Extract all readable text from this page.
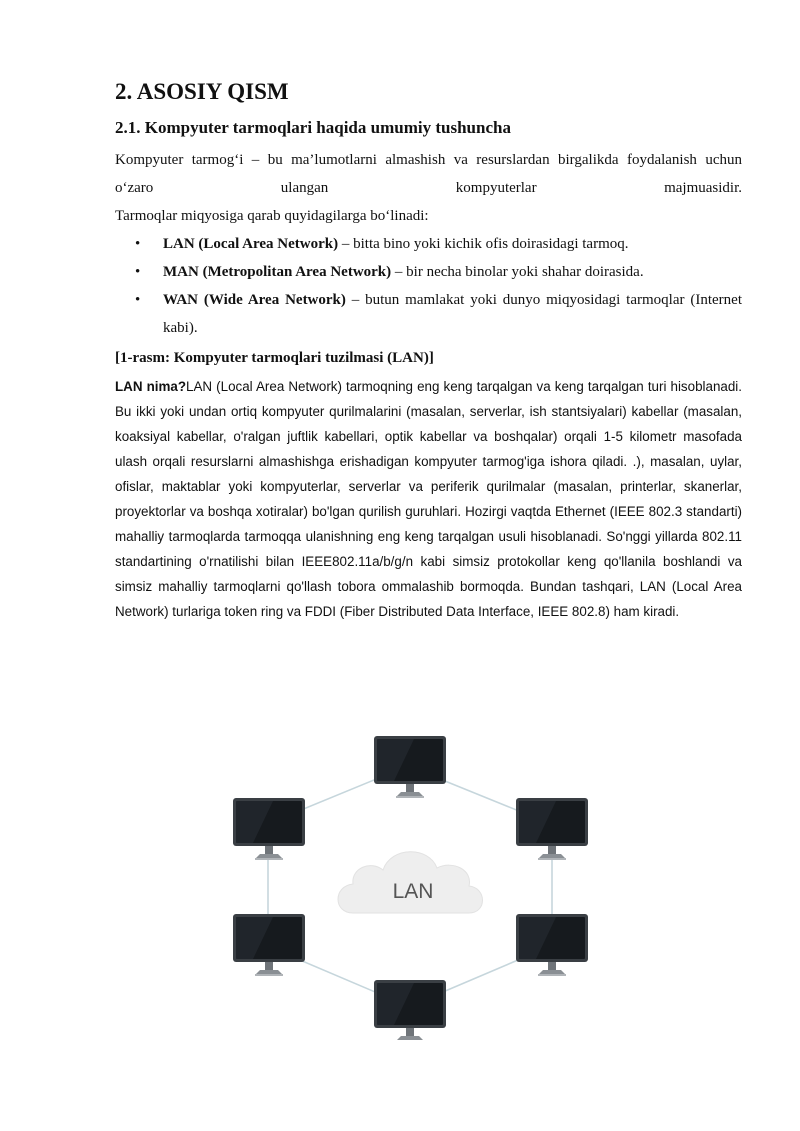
2. ASOSIY QISM
2.1. Kompyuter tarmoqlari haqida umumiy tushuncha

Kompyuter tarmog‘i – bu ma’lumotlarni almashish va resurslardan birgalikda foydalanish uchun

o‘zaro ulangan kompyuterlar majmuasidir.

Tarmoqlar miqyosiga qarab quyidagilarga bo‘linadi:

• LAN (Local Area Network) – bitta bino yoki kichik ofis doirasidagi tarmoq.
• MAN (Metropolitan Area Network) – bir necha binolar yoki shahar doirasida.
• WAN (Wide Area Network) – butun mamlakat yoki dunyo miqyosidagi tarmoqlar (Internet kabi).
[1-rasm: Kompyuter tarmoqlari tuzilmasi (LAN)]

LAN nima?LAN (Local Area Network) tarmoqning eng keng tarqalgan va keng tarqalgan turi hisoblanadi. Bu ikki yoki undan ortiq kompyuter qurilmalarini (masalan, serverlar, ish stantsiyalari) kabellar (masalan, koaksiyal kabellar, o'ralgan juftlik kabellari, optik kabellar va boshqalar) orqali 1-5 kilometr masofada ulash orqali resurslarni almashishga erishadigan kompyuter tarmog'iga ishora qiladi. .), masalan, uylar, ofislar, maktablar yoki kompyuterlar, serverlar va periferik qurilmalar (masalan, printerlar, skanerlar, proyektorlar va boshqa xotiralar) bo'lgan qurilish guruhlari. Hozirgi vaqtda Ethernet (IEEE 802.3 standarti) mahalliy tarmoqlarda tarmoqqa ulanishning eng keng tarqalgan usuli hisoblanadi. So'nggi yillarda 802.11 standartining o'rnatilishi bilan IEEE802.11a/b/g/n kabi simsiz protokollar keng qo'llanila boshlandi va simsiz mahalliy tarmoqlarni qo'llash tobora ommalashib bormoqda. Bundan tashqari, LAN (Local Area Network) turlariga token ring va FDDI (Fiber Distributed Data Interface, IEEE 802.8) ham kiradi.

LAN
